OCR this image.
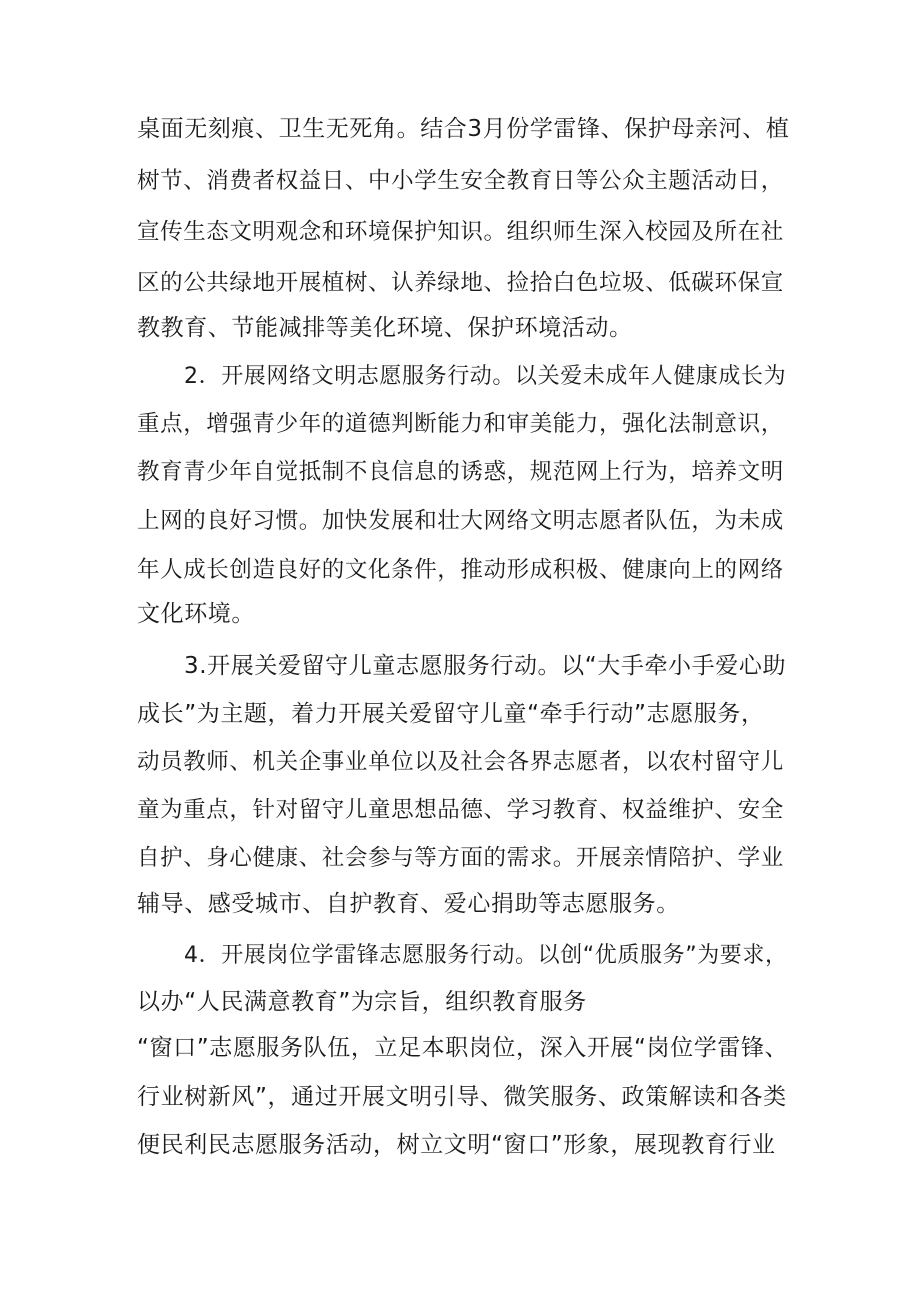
桌面无刻痕、卫生无死角。结合3月份学雷锋、保护母亲河、植
树节、消费者权益日、中小学生安全教育日等公众主题活动日，
宣传生态文明观念和环境保护知识。组织师生深入校园及所在社
区的公共绿地开展植树、认养绿地、捡拾白色垃圾、低碳环保宣
教教育、节能减排等美化环境、保护环境活动。
2．开展网络文明志愿服务行动。以关爱未成年人健康成长为
重点，增强青少年的道德判断能力和审美能力，强化法制意识，
教育青少年自觉抵制不良信息的诱惑，规范网上行为，培养文明
上网的良好习惯。加快发展和壮大网络文明志愿者队伍，为未成
年人成长创造良好的文化条件，推动形成积极、健康向上的网络
文化环境。
3.开展关爱留守儿童志愿服务行动。以“大手牵小手爱心助
成长”为主题，着力开展关爱留守儿童“牵手行动”志愿服务，
动员教师、机关企事业单位以及社会各界志愿者，以农村留守儿
童为重点，针对留守儿童思想品德、学习教育、权益维护、安全
自护、身心健康、社会参与等方面的需求。开展亲情陪护、学业
辅导、感受城市、自护教育、爱心捐助等志愿服务。
4．开展岗位学雷锋志愿服务行动。以创“优质服务”为要求，
以办“人民满意教育”为宗旨，组织教育服务
“窗口”志愿服务队伍，立足本职岗位，深入开展“岗位学雷锋、
行业树新风”，通过开展文明引导、微笑服务、政策解读和各类
便民利民志愿服务活动，树立文明“窗口”形象，展现教育行业
